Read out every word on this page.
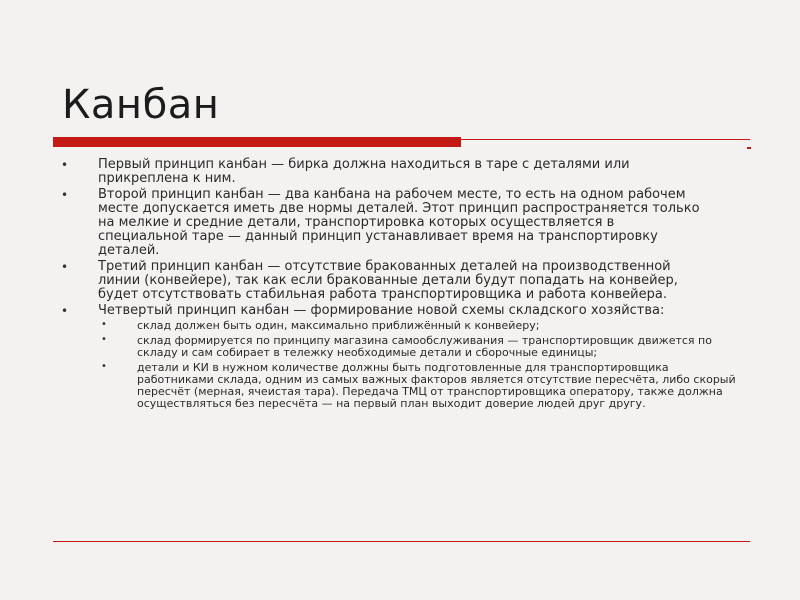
Канбан
• Первый принцип канбан — бирка должна находиться в таре с деталями или прикреплена к ним.
• Второй принцип канбан — два канбана на рабочем месте, то есть на одном рабочем месте допускается иметь две нормы деталей. Этот принцип распространяется только на мелкие и средние детали, транспортировка которых осуществляется в специальной таре — данный принцип устанавливает время на транспортировку деталей.
• Третий принцип канбан — отсутствие бракованных деталей на производственной линии (конвейере), так как если бракованные детали будут попадать на конвейер, будет отсутствовать стабильная работа транспортировщика и работа конвейера.
• Четвертый принцип канбан — формирование новой схемы складского хозяйства:
•	склад должен быть один, максимально приближённый к конвейеру;
•	склад формируется по принципу магазина самообслуживания — транспортировщик движется по складу и сам собирает в тележку необходимые детали и сборочные единицы;
•	детали и КИ в нужном количестве должны быть подготовленные для транспортировщика работниками склада, одним из самых важных факторов является отсутствие пересчёта, либо скорый пересчёт (мерная, ячеистая тара). Передача ТМЦ от транспортировщика оператору, также должна осуществляться без пересчёта — на первый план выходит доверие людей друг другу.
